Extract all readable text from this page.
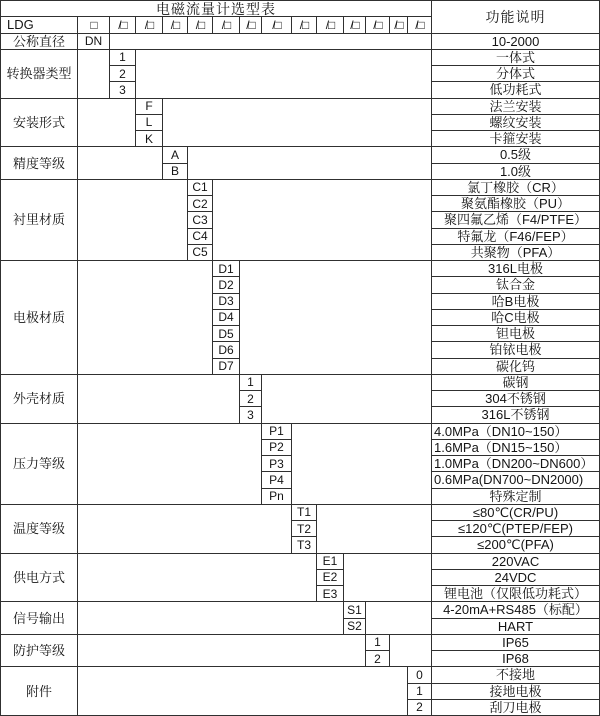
电磁流量计选型表
功能说明
LDG	□	/□	/□	/□	/□	/□	/□	/□	/□	/□	/□	/□	/□	/□
公称直径	DN	10-2000
转换器类型
1	一体式
2	分体式
3	低功耗式
安装形式
F	法兰安装
L	螺纹安装
K	卡箍安装
精度等级
A	0.5级
B	1.0级
衬里材质
C1	氯丁橡胶（CR）
C2	聚氨酯橡胶（PU）
C3	聚四氟乙烯（F4/PTFE）
C4	特氟龙（F46/FEP）
C5	共聚物（PFA）
电极材质
D1	316L电极
D2	钛合金
D3	哈B电极
D4	哈C电极
D5	钽电极
D6	铂铱电极
D7	碳化钨
外壳材质
1	碳钢
2	304不锈钢
3	316L不锈钢
压力等级
P1	4.0MPa（DN10~150）
P2	1.6MPa（DN15~150）
P3	1.0MPa（DN200~DN600）
P4	0.6MPa(DN700~DN2000)
Pn	特殊定制
温度等级
T1	≤80℃(CR/PU)
T2	≤120℃(PTEP/FEP)
T3	≤200℃(PFA)
供电方式
E1	220VAC
E2	24VDC
E3	锂电池（仅限低功耗式）
信号输出
S1	4-20mA+RS485（标配）
S2	HART
防护等级
1	IP65
2	IP68
附件
0	不接地
1	接地电极
2	刮刀电极
